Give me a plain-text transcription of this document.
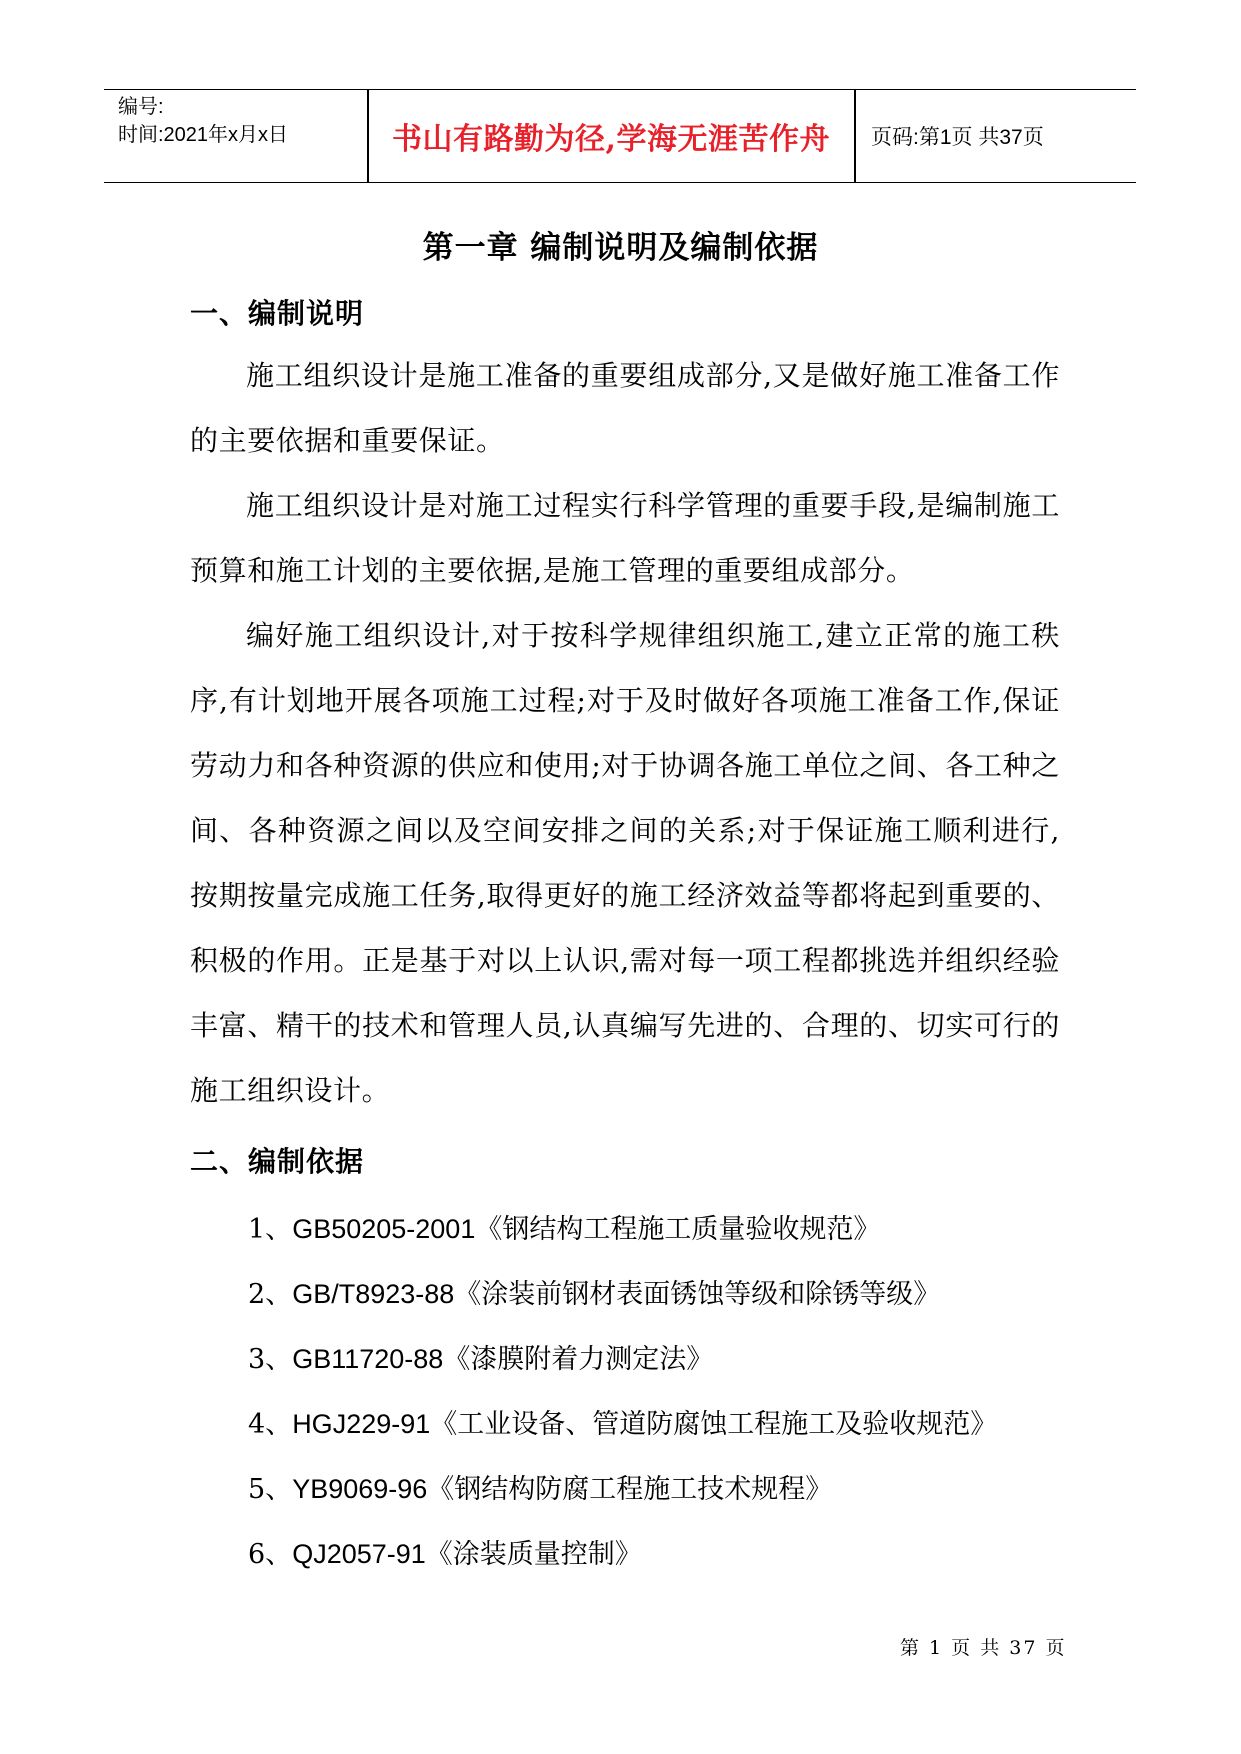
编号:
时间:2021年x月x日	书山有路勤为径,学海无涯苦作舟	页码:第1页 共37页
第一章 编制说明及编制依据
一、编制说明

施工组织设计是施工准备的重要组成部分,又是做好施工准备工作的主要依据和重要保证。

施工组织设计是对施工过程实行科学管理的重要手段,是编制施工预算和施工计划的主要依据,是施工管理的重要组成部分。

编好施工组织设计,对于按科学规律组织施工,建立正常的施工秩序,有计划地开展各项施工过程;对于及时做好各项施工准备工作,保证劳动力和各种资源的供应和使用;对于协调各施工单位之间、各工种之间、各种资源之间以及空间安排之间的关系;对于保证施工顺利进行,按期按量完成施工任务,取得更好的施工经济效益等都将起到重要的、积极的作用。正是基于对以上认识,需对每一项工程都挑选并组织经验丰富、精干的技术和管理人员,认真编写先进的、合理的、切实可行的施工组织设计。

二、编制依据
1、GB50205-2001《钢结构工程施工质量验收规范》
2、GB/T8923-88《涂装前钢材表面锈蚀等级和除锈等级》
3、GB11720-88《漆膜附着力测定法》
4、HGJ229-91《工业设备、管道防腐蚀工程施工及验收规范》
5、YB9069-96《钢结构防腐工程施工技术规程》
6、QJ2057-91《涂装质量控制》
第 1 页 共 37 页
